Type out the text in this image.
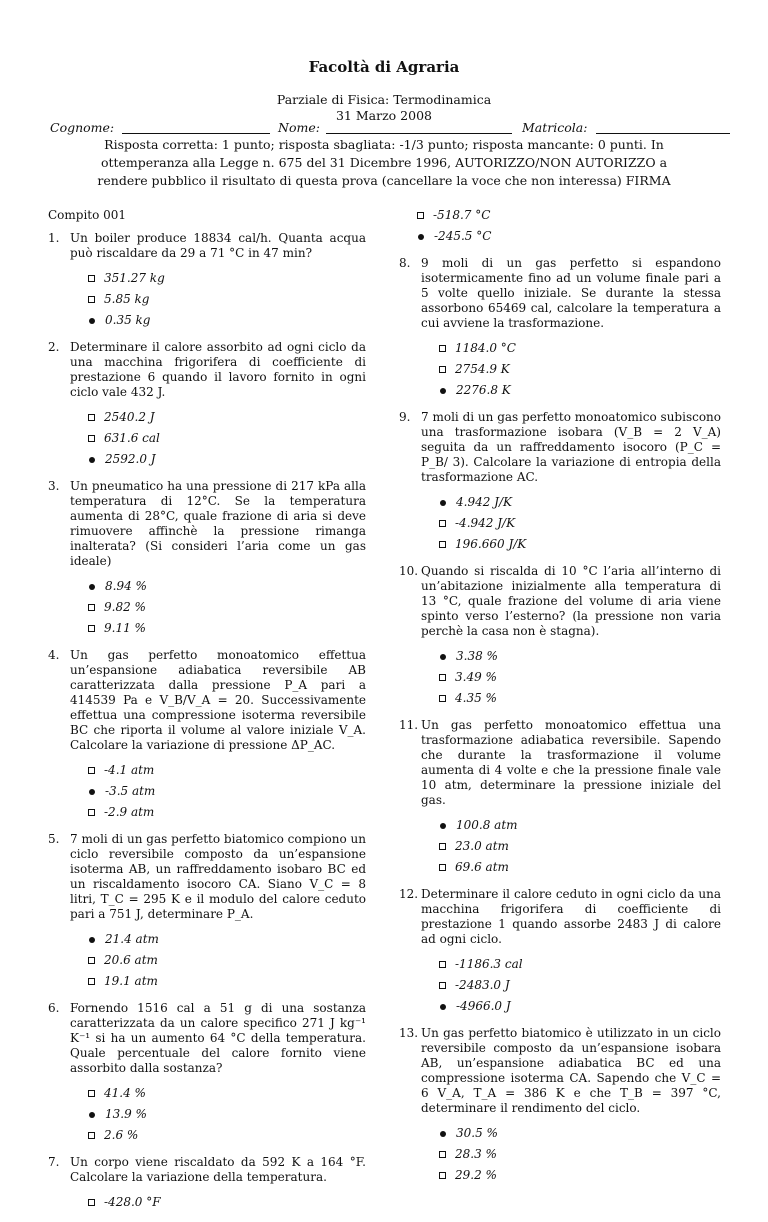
Facoltà di Agraria
Parziale di Fisica: Termodinamica
31 Marzo 2008
Cognome:	Nome:	Matricola:
Risposta corretta: 1 punto; risposta sbagliata: -1/3 punto; risposta mancante: 0 punti. In ottemperanza alla Legge n. 675 del 31 Dicembre 1996, AUTORIZZO/NON AUTORIZZO a rendere pubblico il risultato di questa prova (cancellare la voce che non interessa) FIRMA
Compito 001
1. Un boiler produce 18834 cal/h. Quanta acqua può riscaldare da 29 a 71 °C in 47 min?
351.27 kg
5.85 kg
0.35 kg
2. Determinare il calore assorbito ad ogni ciclo da una macchina frigorifera di coefficiente di prestazione 6 quando il lavoro fornito in ogni ciclo vale 432 J.
2540.2 J
631.6 cal
2592.0 J
3. Un pneumatico ha una pressione di 217 kPa alla temperatura di 12°C. Se la temperatura aumenta di 28°C, quale frazione di aria si deve rimuovere affinchè la pressione rimanga inalterata? (Si consideri l’aria come un gas ideale)
8.94 %
9.82 %
9.11 %
4. Un gas perfetto monoatomico effettua un’espansione adiabatica reversibile AB caratterizzata dalla pressione P_A pari a 414539 Pa e V_B/V_A = 20. Successivamente effettua una compressione isoterma reversibile BC che riporta il volume al valore iniziale V_A. Calcolare la variazione di pressione ΔP_AC.
-4.1 atm
-3.5 atm
-2.9 atm
5. 7 moli di un gas perfetto biatomico compiono un ciclo reversibile composto da un’espansione isoterma AB, un raffreddamento isobaro BC ed un riscaldamento isocoro CA. Siano V_C = 8 litri, T_C = 295 K e il modulo del calore ceduto pari a 751 J, determinare P_A.
21.4 atm
20.6 atm
19.1 atm
6. Fornendo 1516 cal a 51 g di una sostanza caratterizzata da un calore specifico 271 J kg⁻¹ K⁻¹ si ha un aumento 64 °C della temperatura. Quale percentuale del calore fornito viene assorbito dalla sostanza?
41.4 %
13.9 %
2.6 %
7. Un corpo viene riscaldato da 592 K a 164 °F. Calcolare la variazione della temperatura.
-428.0 °F
-518.7 °C
-245.5 °C
8. 9 moli di un gas perfetto si espandono isotermicamente fino ad un volume finale pari a 5 volte quello iniziale. Se durante la stessa assorbono 65469 cal, calcolare la temperatura a cui avviene la trasformazione.
1184.0 °C
2754.9 K
2276.8 K
9. 7 moli di un gas perfetto monoatomico subiscono una trasformazione isobara (V_B = 2 V_A) seguita da un raffreddamento isocoro (P_C = P_B/ 3). Calcolare la variazione di entropia della trasformazione AC.
4.942 J/K
-4.942 J/K
196.660 J/K
10. Quando si riscalda di 10 °C l’aria all’interno di un’abitazione inizialmente alla temperatura di 13 °C, quale frazione del volume di aria viene spinto verso l’esterno? (la pressione non varia perchè la casa non è stagna).
3.38 %
3.49 %
4.35 %
11. Un gas perfetto monoatomico effettua una trasformazione adiabatica reversibile. Sapendo che durante la trasformazione il volume aumenta di 4 volte e che la pressione finale vale 10 atm, determinare la pressione iniziale del gas.
100.8 atm
23.0 atm
69.6 atm
12. Determinare il calore ceduto in ogni ciclo da una macchina frigorifera di coefficiente di prestazione 1 quando assorbe 2483 J di calore ad ogni ciclo.
-1186.3 cal
-2483.0 J
-4966.0 J
13. Un gas perfetto biatomico è utilizzato in un ciclo reversibile composto da un’espansione isobara AB, un’espansione adiabatica BC ed una compressione isoterma CA. Sapendo che V_C = 6 V_A, T_A = 386 K e che T_B = 397 °C, determinare il rendimento del ciclo.
30.5 %
28.3 %
29.2 %
